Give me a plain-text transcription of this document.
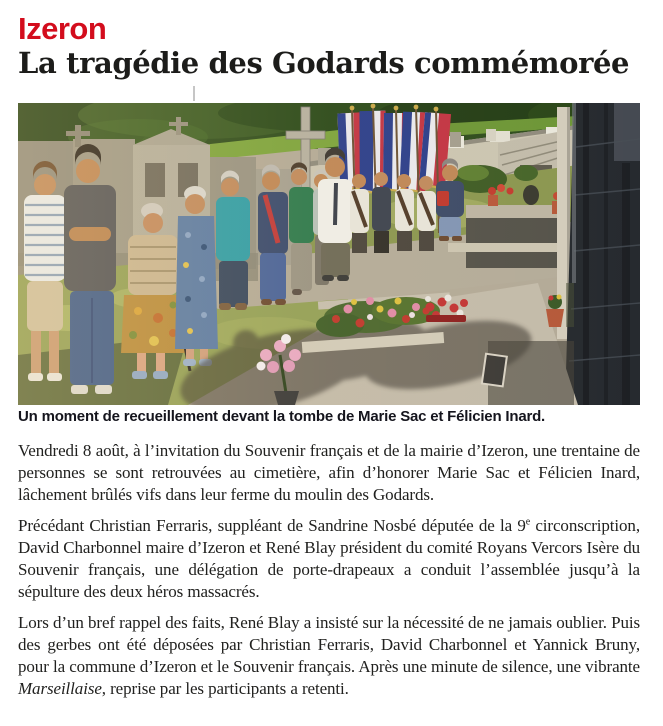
Izeron
La tragédie des Godards commémorée
Un moment de recueillement devant la tombe de Marie Sac et Félicien Inard.

Vendredi 8 août, à l’invitation du Souvenir français et de la mairie d’Izeron, une trentaine de personnes se sont retrouvées au cimetière, afin d’honorer Marie Sac et Félicien Inard, lâchement brûlés vifs dans leur ferme du moulin des Godards.

Précédant Christian Ferraris, suppléant de Sandrine Nosbé députée de la 9e circonscription, David Charbonnel maire d’Izeron et René Blay président du comité Royans Vercors Isère du Souvenir français, une délégation de porte-drapeaux a conduit l’assemblée jusqu’à la sépulture des deux héros massacrés.

Lors d’un bref rappel des faits, René Blay a insisté sur la nécessité de ne jamais oublier. Puis des gerbes ont été déposées par Christian Ferraris, David Charbonnel et Yannick Bruny, pour la commune d’Izeron et le Souvenir français. Après une minute de silence, une vibrante Marseillaise, reprise par les participants a retenti.
